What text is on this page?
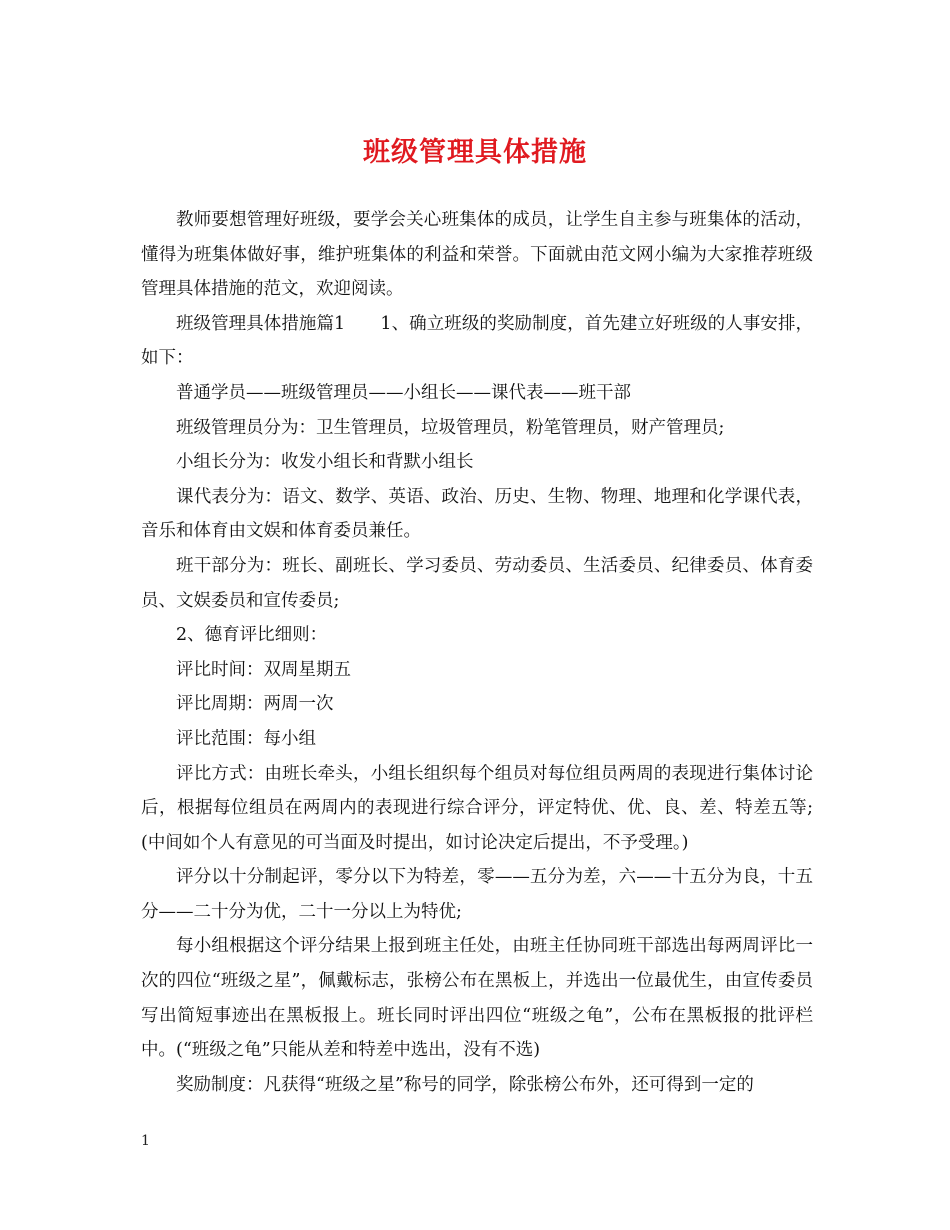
班级管理具体措施

教师要想管理好班级，要学会关心班集体的成员，让学生自主参与班集体的活动，懂得为班集体做好事，维护班集体的利益和荣誉。下面就由范文网小编为大家推荐班级管理具体措施的范文，欢迎阅读。

班级管理具体措施篇1　　1、确立班级的奖励制度，首先建立好班级的人事安排，如下：

普通学员——班级管理员——小组长——课代表——班干部

班级管理员分为：卫生管理员，垃圾管理员，粉笔管理员，财产管理员;

小组长分为：收发小组长和背默小组长

课代表分为：语文、数学、英语、政治、历史、生物、物理、地理和化学课代表，音乐和体育由文娱和体育委员兼任。

班干部分为：班长、副班长、学习委员、劳动委员、生活委员、纪律委员、体育委员、文娱委员和宣传委员;

2、德育评比细则：

评比时间：双周星期五

评比周期：两周一次

评比范围：每小组

评比方式：由班长牵头，小组长组织每个组员对每位组员两周的表现进行集体讨论后，根据每位组员在两周内的表现进行综合评分，评定特优、优、良、差、特差五等;(中间如个人有意见的可当面及时提出，如讨论决定后提出，不予受理。)

评分以十分制起评，零分以下为特差，零——五分为差，六——十五分为良，十五分——二十分为优，二十一分以上为特优;

每小组根据这个评分结果上报到班主任处，由班主任协同班干部选出每两周评比一次的四位“班级之星”，佩戴标志，张榜公布在黑板上，并选出一位最优生，由宣传委员写出简短事迹出在黑板报上。班长同时评出四位“班级之龟”，公布在黑板报的批评栏中。(“班级之龟”只能从差和特差中选出，没有不选)

奖励制度：凡获得“班级之星”称号的同学，除张榜公布外，还可得到一定的

1
